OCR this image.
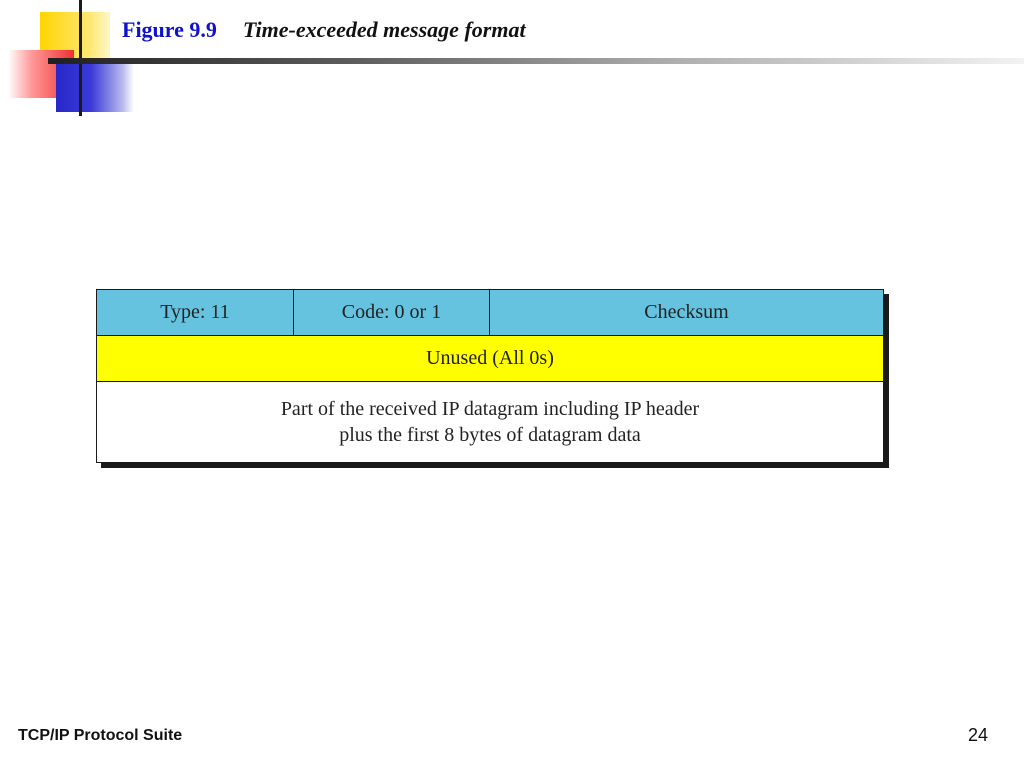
Figure 9.9 Time-exceeded message format
Type: 11	Code: 0 or 1	Checksum
Unused (All 0s)
Part of the received IP datagram including IP header
plus the first 8 bytes of datagram data
TCP/IP Protocol Suite	24
